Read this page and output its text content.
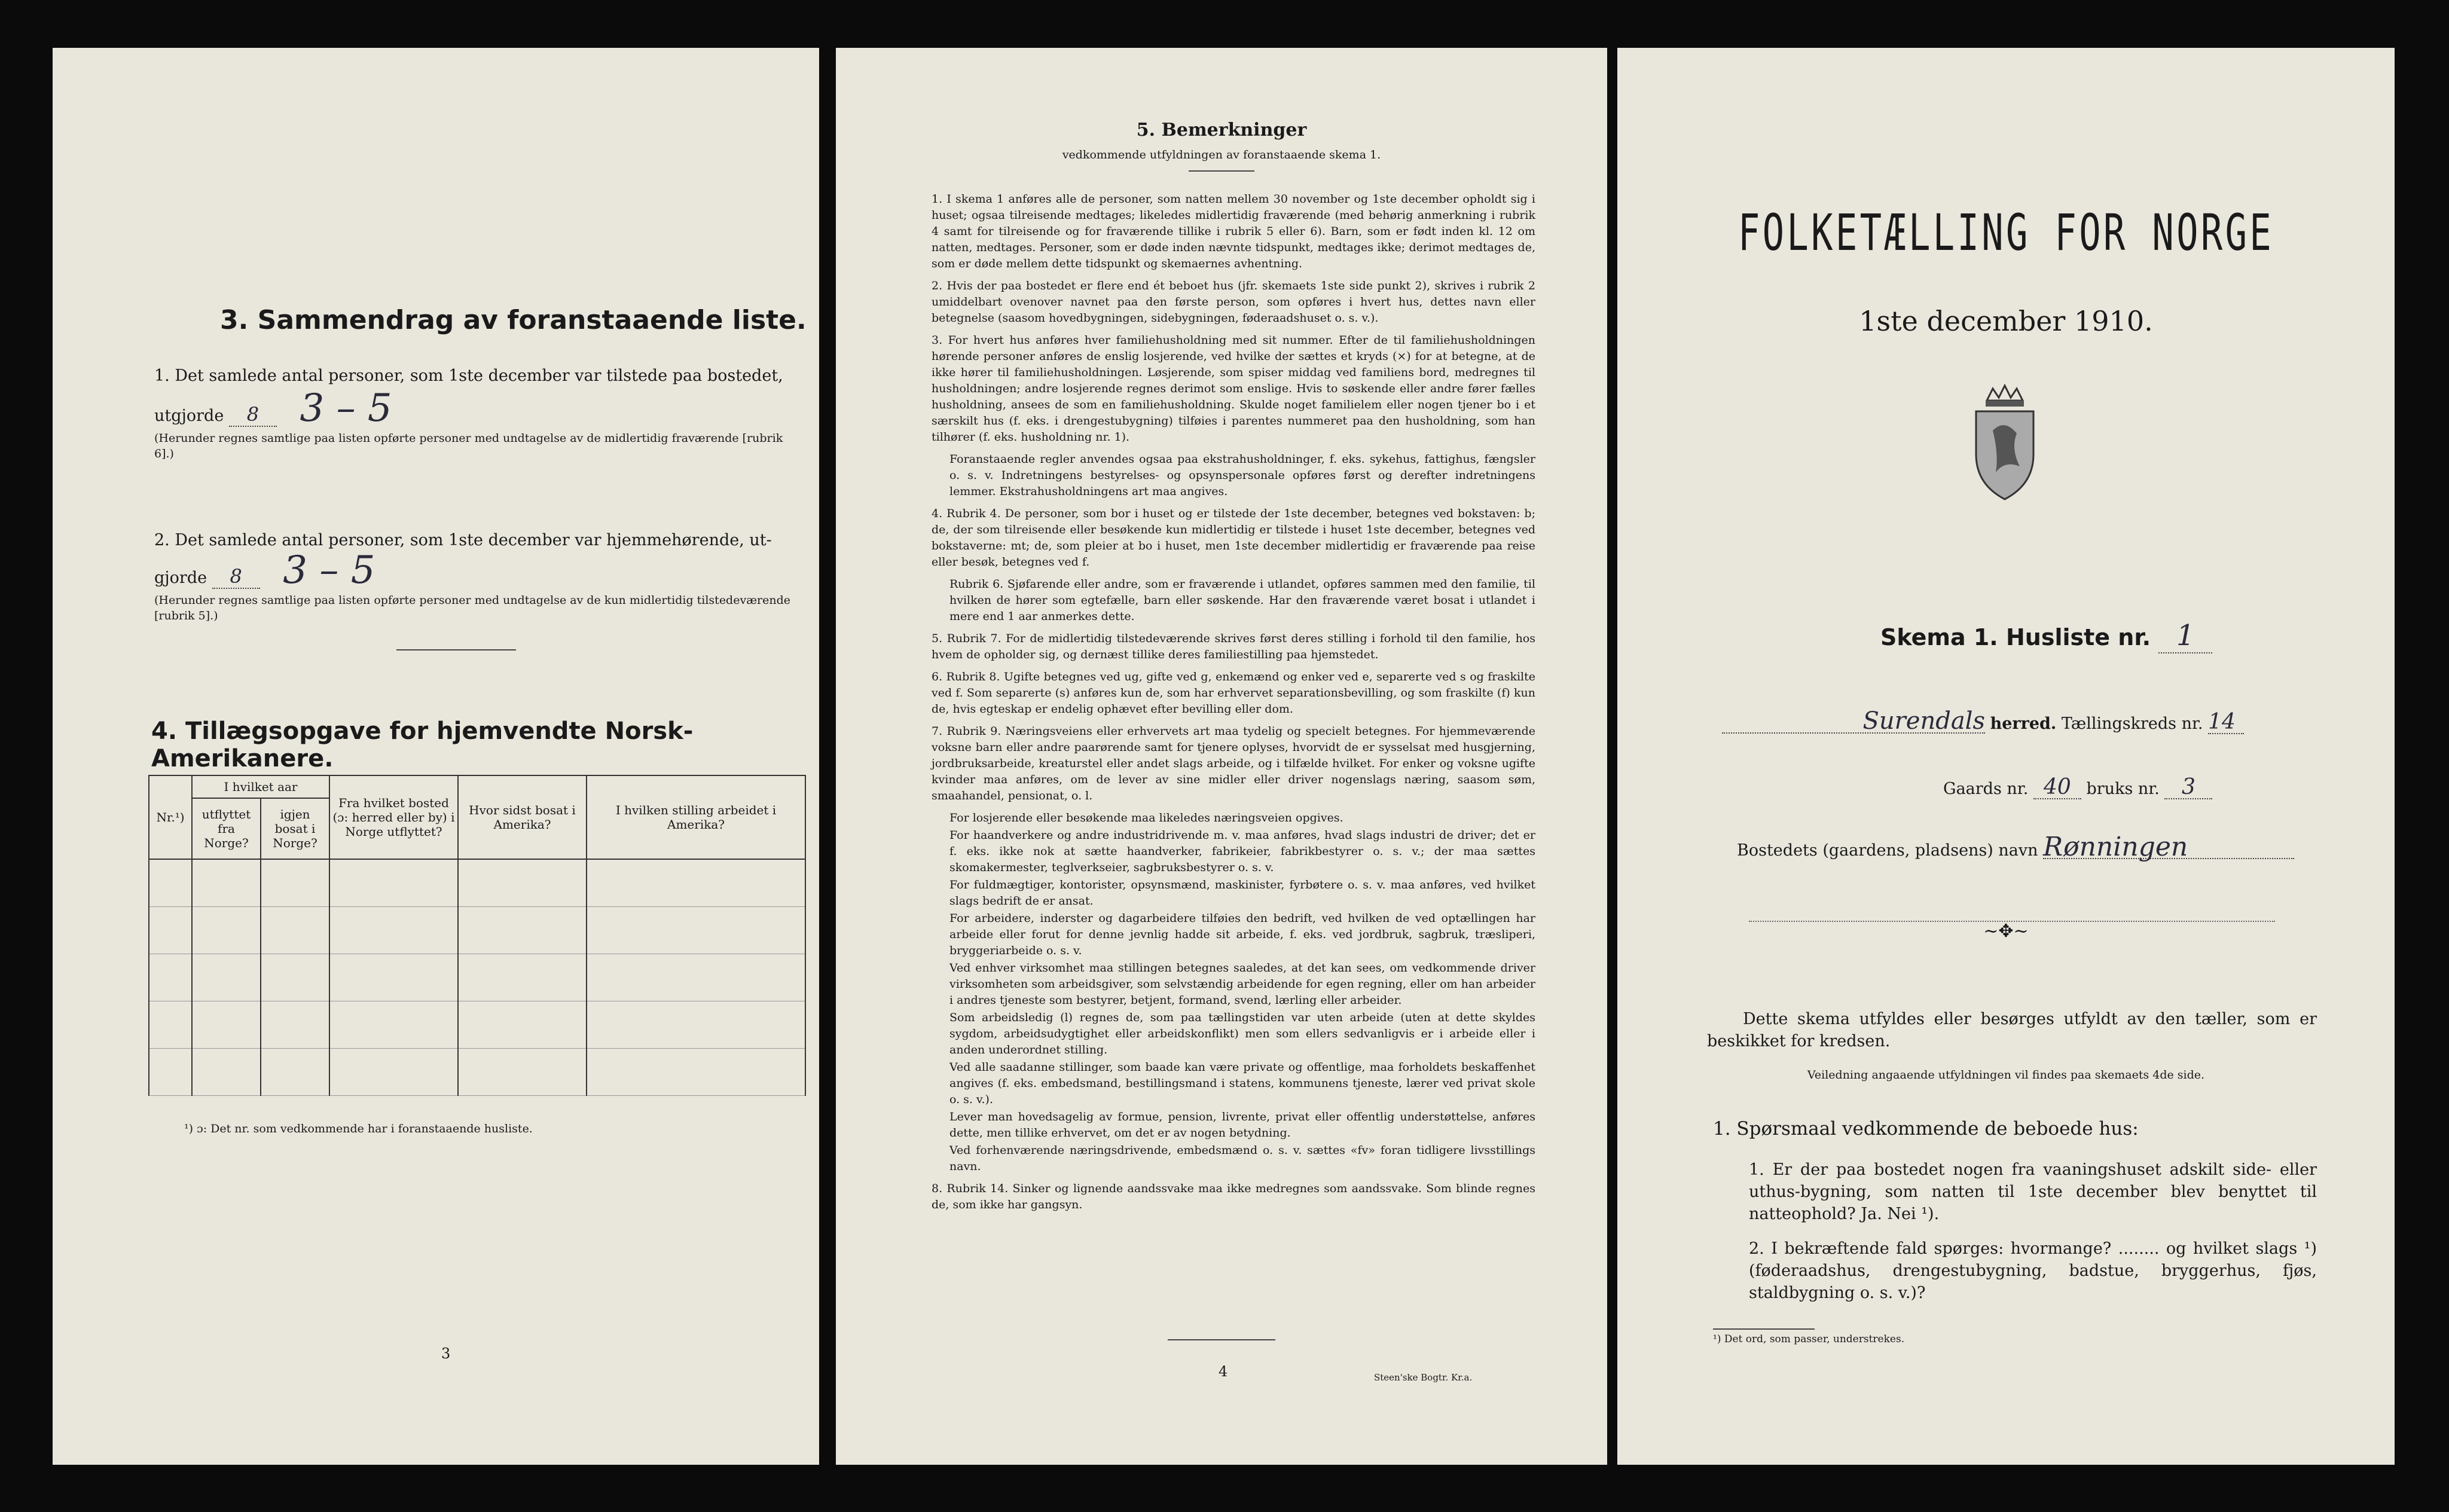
3. Sammendrag av foranstaaende liste.
1. Det samlede antal personer, som 1ste december var tilstede paa bostedet,
utgjorde 8 3 – 5
(Herunder regnes samtlige paa listen opførte personer med undtagelse av de midlertidig fraværende [rubrik 6].)
2. Det samlede antal personer, som 1ste december var hjemmehørende, ut-
gjorde 8 3 – 5
(Herunder regnes samtlige paa listen opførte personer med undtagelse av de kun midlertidig tilstedeværende [rubrik 5].)
4. Tillægsopgave for hjemvendte Norsk-Amerikanere.
Nr.¹)	I hvilket aar		Fra hvilket bosted (ɔ: herred eller by) i Norge utflyttet?	Hvor sidst bosat i Amerika?	I hvilken stilling arbeidet i Amerika?
	utflyttet fra Norge?	igjen bosat i Norge?			

¹) ɔ: Det nr. som vedkommende har i foranstaaende husliste.
3
5. Bemerkninger
vedkommende utfyldningen av foranstaaende skema 1.

1. I skema 1 anføres alle de personer, som natten mellem 30 november og 1ste december opholdt sig i huset; ogsaa tilreisende medtages; likeledes midlertidig fraværende (med behørig anmerkning i rubrik 4 samt for tilreisende og for fraværende tillike i rubrik 5 eller 6). Barn, som er født inden kl. 12 om natten, medtages. Personer, som er døde inden nævnte tidspunkt, medtages ikke; derimot medtages de, som er døde mellem dette tidspunkt og skemaernes avhentning.

2. Hvis der paa bostedet er flere end ét beboet hus (jfr. skemaets 1ste side punkt 2), skrives i rubrik 2 umiddelbart ovenover navnet paa den første person, som opføres i hvert hus, dettes navn eller betegnelse (saasom hovedbygningen, sidebygningen, føderaadshuset o. s. v.).

3. For hvert hus anføres hver familiehusholdning med sit nummer. Efter de til familiehusholdningen hørende personer anføres de enslig losjerende, ved hvilke der sættes et kryds (×) for at betegne, at de ikke hører til familiehusholdningen. Løsjerende, som spiser middag ved familiens bord, medregnes til husholdningen; andre losjerende regnes derimot som enslige. Hvis to søskende eller andre fører fælles husholdning, ansees de som en familiehusholdning. Skulde noget familielem eller nogen tjener bo i et særskilt hus (f. eks. i drengestubygning) tilføies i parentes nummeret paa den husholdning, som han tilhører (f. eks. husholdning nr. 1).

Foranstaaende regler anvendes ogsaa paa ekstrahusholdninger, f. eks. sykehus, fattighus, fængsler o. s. v. Indretningens bestyrelses- og opsynspersonale opføres først og derefter indretningens lemmer. Ekstrahusholdningens art maa angives.

4. Rubrik 4. De personer, som bor i huset og er tilstede der 1ste december, betegnes ved bokstaven: b; de, der som tilreisende eller besøkende kun midlertidig er tilstede i huset 1ste december, betegnes ved bokstaverne: mt; de, som pleier at bo i huset, men 1ste december midlertidig er fraværende paa reise eller besøk, betegnes ved f.

Rubrik 6. Sjøfarende eller andre, som er fraværende i utlandet, opføres sammen med den familie, til hvilken de hører som egtefælle, barn eller søskende. Har den fraværende været bosat i utlandet i mere end 1 aar anmerkes dette.

5. Rubrik 7. For de midlertidig tilstedeværende skrives først deres stilling i forhold til den familie, hos hvem de opholder sig, og dernæst tillike deres familiestilling paa hjemstedet.

6. Rubrik 8. Ugifte betegnes ved ug, gifte ved g, enkemænd og enker ved e, separerte ved s og fraskilte ved f. Som separerte (s) anføres kun de, som har erhvervet separationsbevilling, og som fraskilte (f) kun de, hvis egteskap er endelig ophævet efter bevilling eller dom.

7. Rubrik 9. Næringsveiens eller erhvervets art maa tydelig og specielt betegnes. For hjemmeværende voksne barn eller andre paarørende samt for tjenere oplyses, hvorvidt de er sysselsat med husgjerning, jordbruksarbeide, kreaturstel eller andet slags arbeide, og i tilfælde hvilket. For enker og voksne ugifte kvinder maa anføres, om de lever av sine midler eller driver nogenslags næring, saasom søm, smaahandel, pensionat, o. l.

For losjerende eller besøkende maa likeledes næringsveien opgives.

For haandverkere og andre industridrivende m. v. maa anføres, hvad slags industri de driver; det er f. eks. ikke nok at sætte haandverker, fabrikeier, fabrikbestyrer o. s. v.; der maa sættes skomakermester, teglverkseier, sagbruksbestyrer o. s. v.

For fuldmægtiger, kontorister, opsynsmænd, maskinister, fyrbøtere o. s. v. maa anføres, ved hvilket slags bedrift de er ansat.

For arbeidere, inderster og dagarbeidere tilføies den bedrift, ved hvilken de ved optællingen har arbeide eller forut for denne jevnlig hadde sit arbeide, f. eks. ved jordbruk, sagbruk, træsliperi, bryggeriarbeide o. s. v.

Ved enhver virksomhet maa stillingen betegnes saaledes, at det kan sees, om vedkommende driver virksomheten som arbeidsgiver, som selvstændig arbeidende for egen regning, eller om han arbeider i andres tjeneste som bestyrer, betjent, formand, svend, lærling eller arbeider.

Som arbeidsledig (l) regnes de, som paa tællingstiden var uten arbeide (uten at dette skyldes sygdom, arbeidsudygtighet eller arbeidskonflikt) men som ellers sedvanligvis er i arbeide eller i anden underordnet stilling.

Ved alle saadanne stillinger, som baade kan være private og offentlige, maa forholdets beskaffenhet angives (f. eks. embedsmand, bestillingsmand i statens, kommunens tjeneste, lærer ved privat skole o. s. v.).

Lever man hovedsagelig av formue, pension, livrente, privat eller offentlig understøttelse, anføres dette, men tillike erhvervet, om det er av nogen betydning.

Ved forhenværende næringsdrivende, embedsmænd o. s. v. sættes «fv» foran tidligere livsstillings navn.

8. Rubrik 14. Sinker og lignende aandssvake maa ikke medregnes som aandssvake. Som blinde regnes de, som ikke har gangsyn.

4	Steen'ske Bogtr. Kr.a.
FOLKETÆLLING FOR NORGE
1ste december 1910.
Skema 1. Husliste nr. 1
Surendals herred. Tællingskreds nr. 14
Gaards nr. 40 bruks nr. 3
Bostedets (gaardens, pladsens) navn Rønningen
~✥~
Dette skema utfyldes eller besørges utfyldt av den tæller, som er beskikket for kredsen.
Veiledning angaaende utfyldningen vil findes paa skemaets 4de side.
1. Spørsmaal vedkommende de beboede hus:
1. Er der paa bostedet nogen fra vaaningshuset adskilt side- eller uthus-bygning, som natten til 1ste december blev benyttet til natteophold? Ja. Nei ¹).
2. I bekræftende fald spørges: hvormange? ........ og hvilket slags ¹) (føderaadshus, drengestubygning, badstue, bryggerhus, fjøs, staldbygning o. s. v.)?
¹) Det ord, som passer, understrekes.
